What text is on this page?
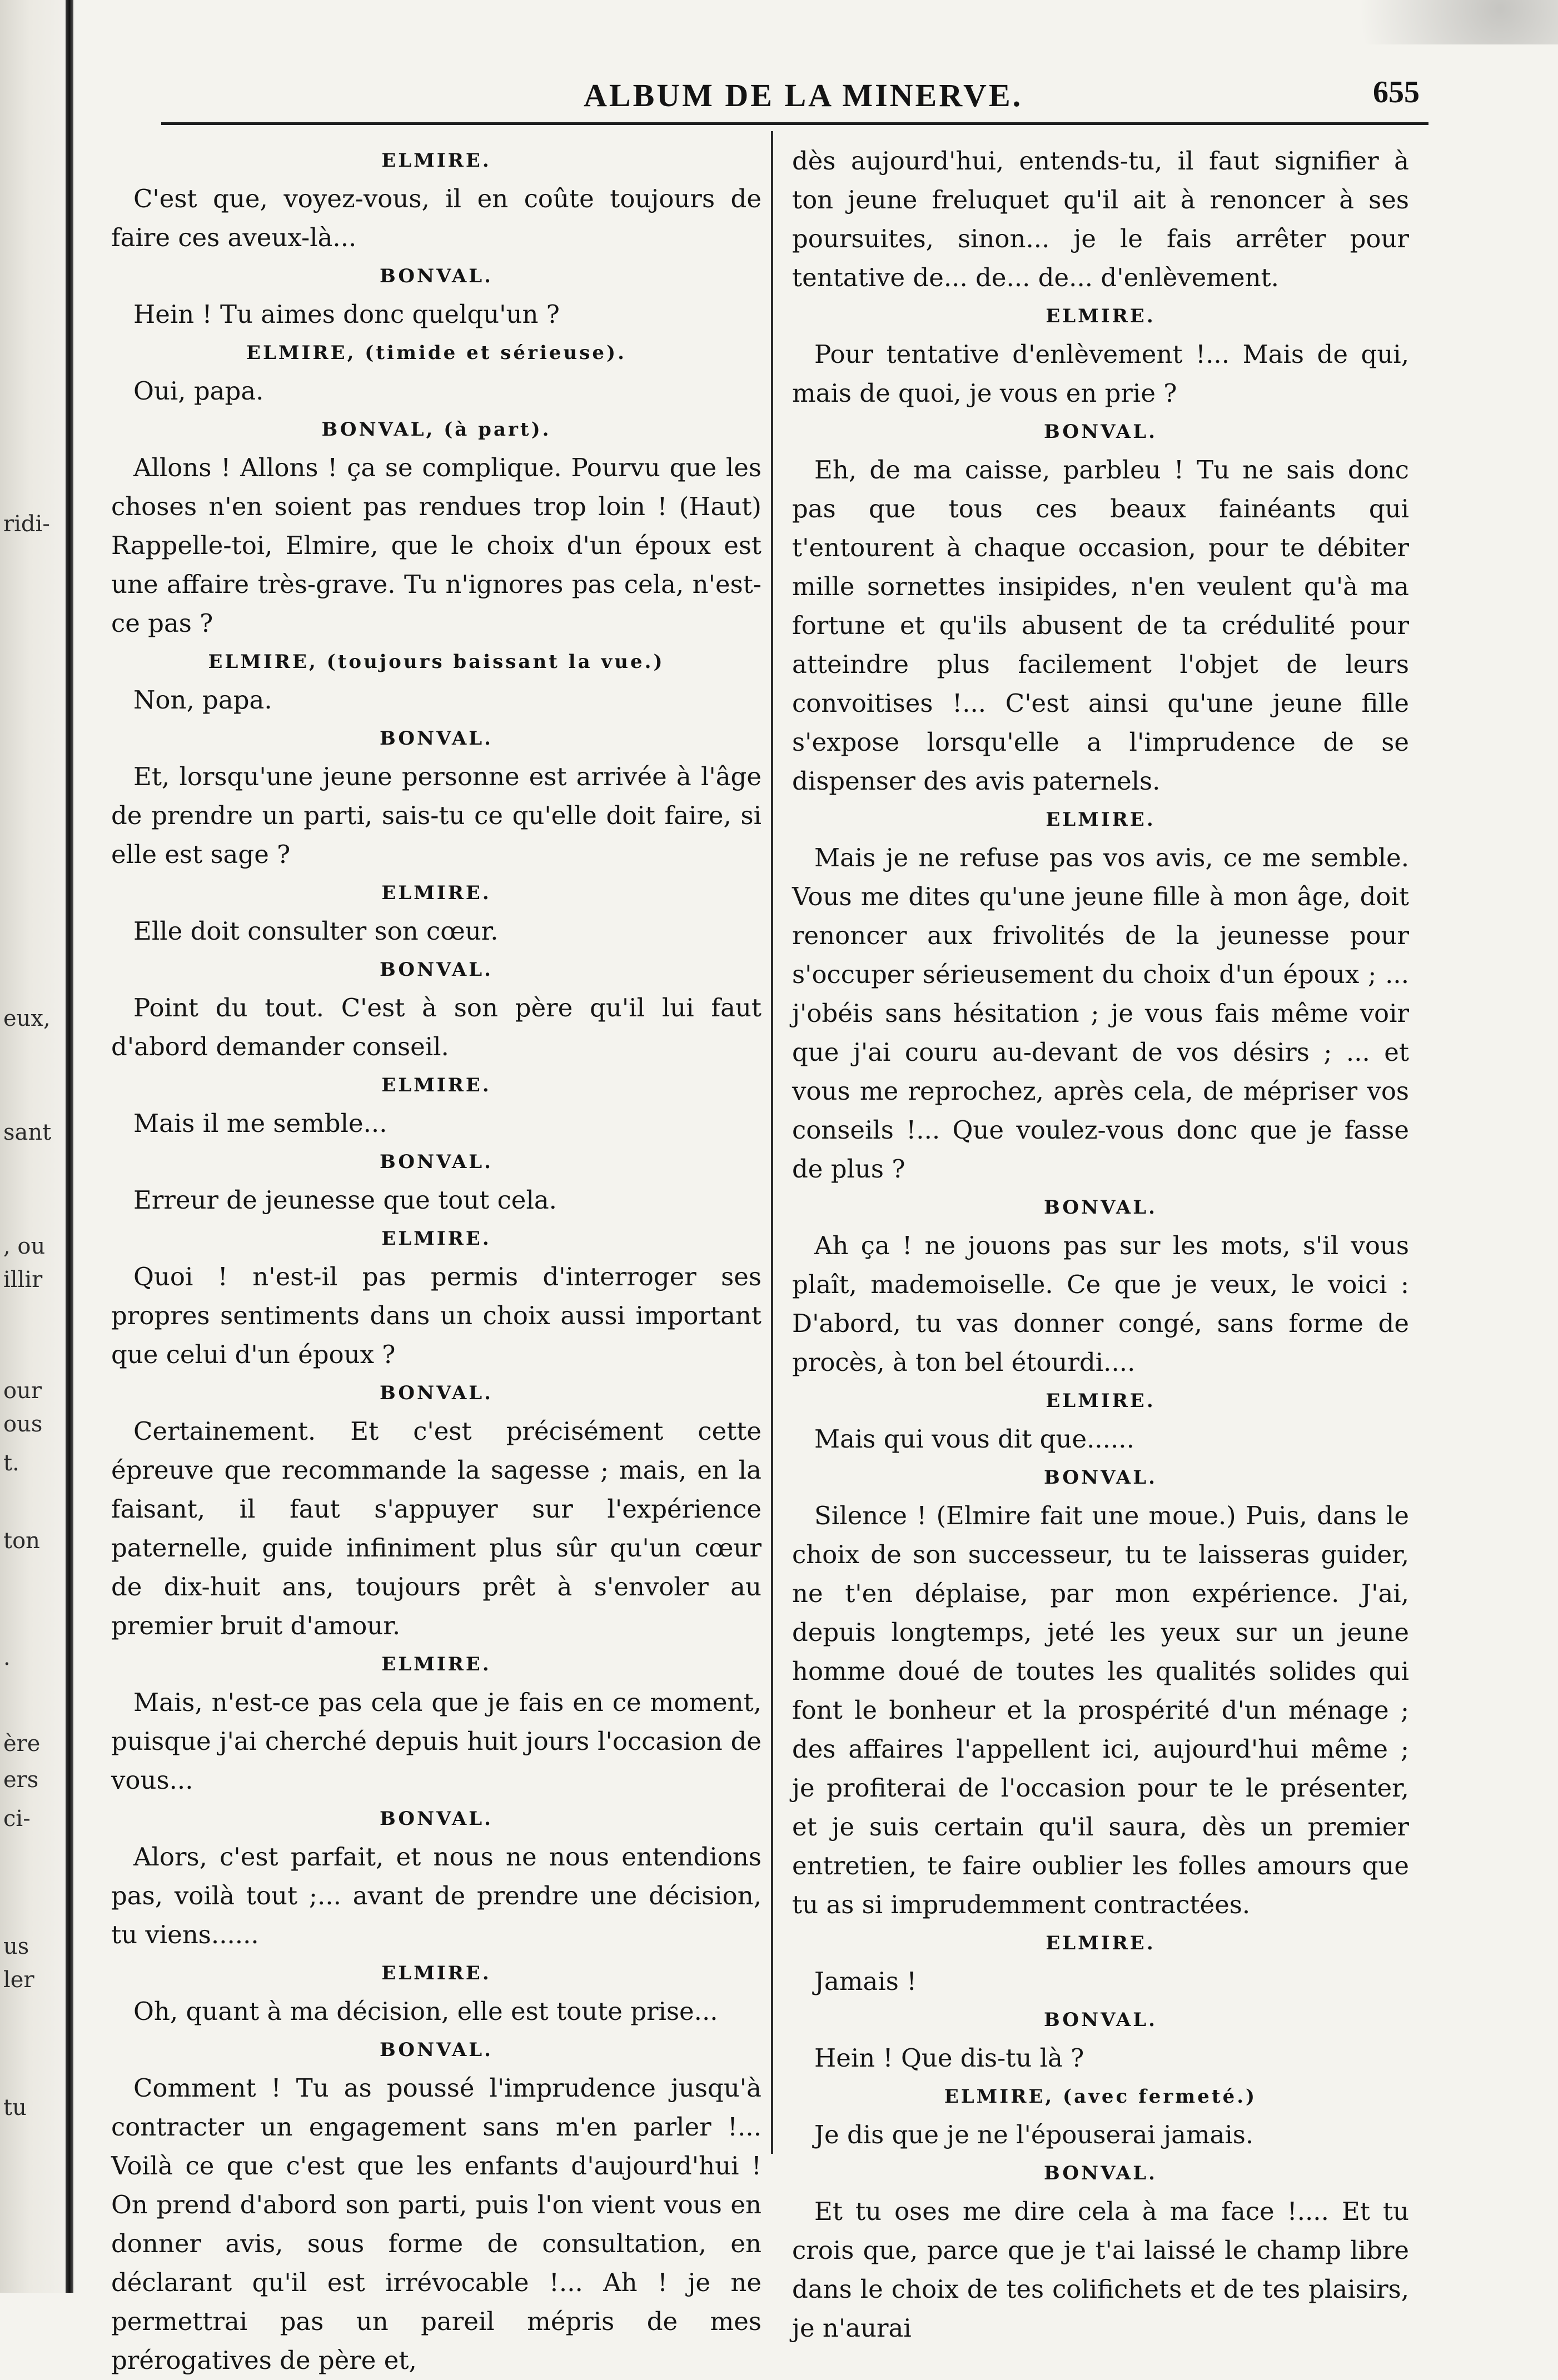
ALBUM DE LA MINERVE.	655
ridi-
eux,
sant
, ou
illir
our
ous
t.
ton
.
ère
ers
ci-
us
ler
tu

ELMIRE.

C'est que, voyez-vous, il en coûte toujours de faire ces aveux-là...

BONVAL.

Hein ! Tu aimes donc quelqu'un ?

ELMIRE, (timide et sérieuse).

Oui, papa.

BONVAL, (à part).

Allons ! Allons ! ça se complique. Pourvu que les choses n'en soient pas rendues trop loin ! (Haut) Rappelle-toi, Elmire, que le choix d'un époux est une affaire très-grave. Tu n'ignores pas cela, n'est-ce pas ?

ELMIRE, (toujours baissant la vue.)

Non, papa.

BONVAL.

Et, lorsqu'une jeune personne est arrivée à l'âge de prendre un parti, sais-tu ce qu'elle doit faire, si elle est sage ?

ELMIRE.

Elle doit consulter son cœur.

BONVAL.

Point du tout. C'est à son père qu'il lui faut d'abord demander conseil.

ELMIRE.

Mais il me semble...

BONVAL.

Erreur de jeunesse que tout cela.

ELMIRE.

Quoi ! n'est-il pas permis d'interroger ses propres sentiments dans un choix aussi important que celui d'un époux ?

BONVAL.

Certainement. Et c'est précisément cette épreuve que recommande la sagesse ; mais, en la faisant, il faut s'appuyer sur l'expérience paternelle, guide infiniment plus sûr qu'un cœur de dix-huit ans, toujours prêt à s'envoler au premier bruit d'amour.

ELMIRE.

Mais, n'est-ce pas cela que je fais en ce moment, puisque j'ai cherché depuis huit jours l'occasion de vous...

BONVAL.

Alors, c'est parfait, et nous ne nous entendions pas, voilà tout ;... avant de prendre une décision, tu viens......

ELMIRE.

Oh, quant à ma décision, elle est toute prise...

BONVAL.

Comment ! Tu as poussé l'imprudence jusqu'à contracter un engagement sans m'en parler !... Voilà ce que c'est que les enfants d'aujourd'hui ! On prend d'abord son parti, puis l'on vient vous en donner avis, sous forme de consultation, en déclarant qu'il est irrévocable !... Ah ! je ne permettrai pas un pareil mépris de mes prérogatives de père et,

dès aujourd'hui, entends-tu, il faut signifier à ton jeune freluquet qu'il ait à renoncer à ses poursuites, sinon... je le fais arrêter pour tentative de... de... de... d'enlèvement.

ELMIRE.

Pour tentative d'enlèvement !... Mais de qui, mais de quoi, je vous en prie ?

BONVAL.

Eh, de ma caisse, parbleu ! Tu ne sais donc pas que tous ces beaux fainéants qui t'entourent à chaque occasion, pour te débiter mille sornettes insipides, n'en veulent qu'à ma fortune et qu'ils abusent de ta crédulité pour atteindre plus facilement l'objet de leurs convoitises !... C'est ainsi qu'une jeune fille s'expose lorsqu'elle a l'imprudence de se dispenser des avis paternels.

ELMIRE.

Mais je ne refuse pas vos avis, ce me semble. Vous me dites qu'une jeune fille à mon âge, doit renoncer aux frivolités de la jeunesse pour s'occuper sérieusement du choix d'un époux ; ... j'obéis sans hésitation ; je vous fais même voir que j'ai couru au-devant de vos désirs ; ... et vous me reprochez, après cela, de mépriser vos conseils !... Que voulez-vous donc que je fasse de plus ?

BONVAL.

Ah ça ! ne jouons pas sur les mots, s'il vous plaît, mademoiselle. Ce que je veux, le voici : D'abord, tu vas donner congé, sans forme de procès, à ton bel étourdi....

ELMIRE.

Mais qui vous dit que......

BONVAL.

Silence ! (Elmire fait une moue.) Puis, dans le choix de son successeur, tu te laisseras guider, ne t'en déplaise, par mon expérience. J'ai, depuis longtemps, jeté les yeux sur un jeune homme doué de toutes les qualités solides qui font le bonheur et la prospérité d'un ménage ; des affaires l'appellent ici, aujourd'hui même ; je profiterai de l'occasion pour te le présenter, et je suis certain qu'il saura, dès un premier entretien, te faire oublier les folles amours que tu as si imprudemment contractées.

ELMIRE.

Jamais !

BONVAL.

Hein ! Que dis-tu là ?

ELMIRE, (avec fermeté.)

Je dis que je ne l'épouserai jamais.

BONVAL.

Et tu oses me dire cela à ma face !.... Et tu crois que, parce que je t'ai laissé le champ libre dans le choix de tes colifichets et de tes plaisirs, je n'aurai
